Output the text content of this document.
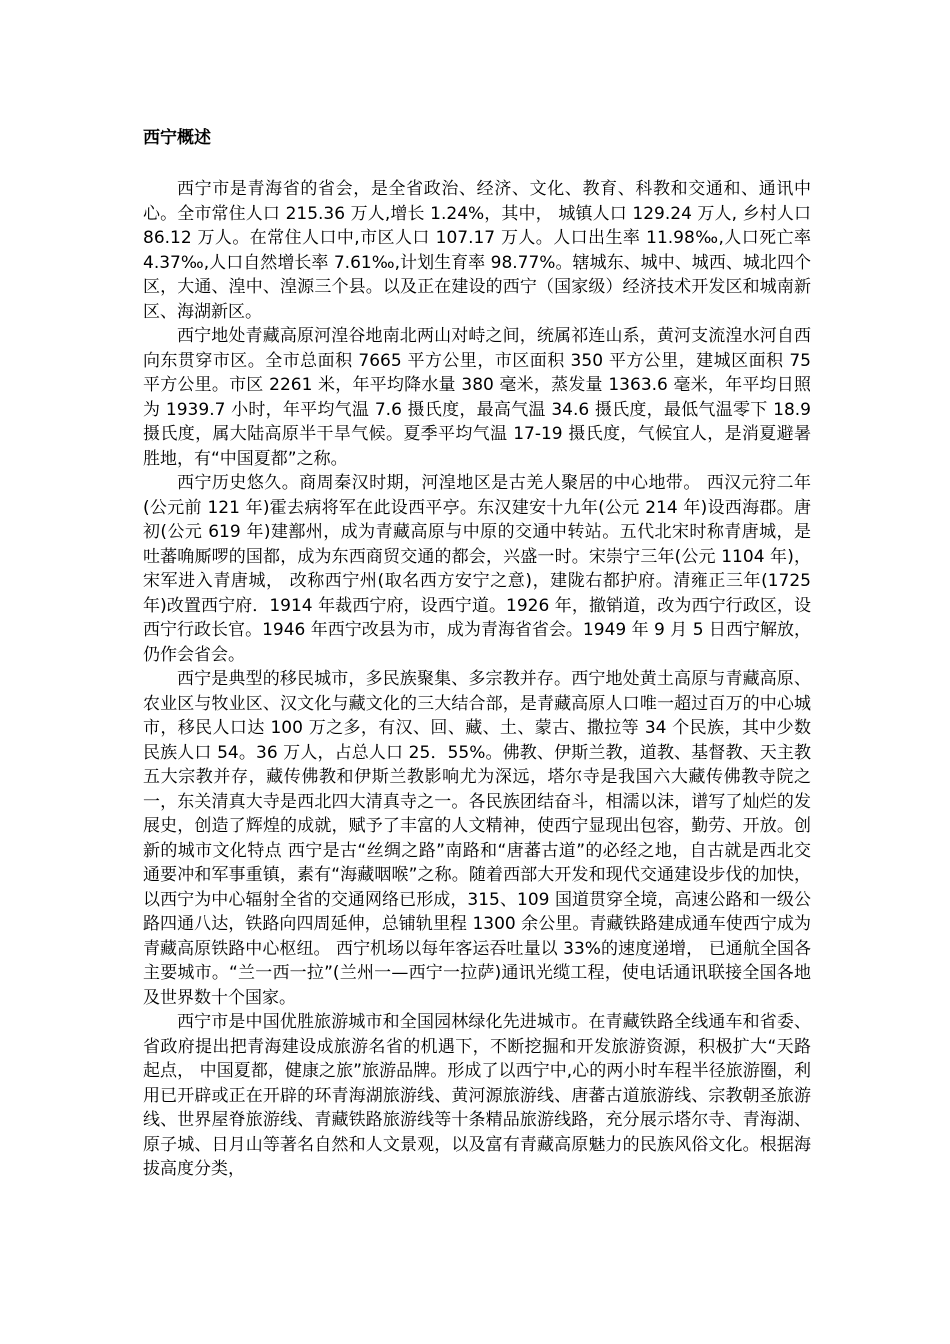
西宁概述

西宁市是青海省的省会，是全省政治、经济、文化、教育、科教和交通和、通讯中心。全市常住人口 215.36 万人,增长 1.24%，其中， 城镇人口 129.24 万人, 乡村人口 86.12 万人。在常住人口中,市区人口 107.17 万人。人口出生率 11.98‰,人口死亡率 4.37‰,人口自然增长率 7.61‰,计划生育率 98.77%。辖城东、城中、城西、城北四个区，大通、湟中、湟源三个县。以及正在建设的西宁（国家级）经济技术开发区和城南新区、海湖新区。

西宁地处青藏高原河湟谷地南北两山对峙之间，统属祁连山系，黄河支流湟水河自西向东贯穿市区。全市总面积 7665 平方公里，市区面积 350 平方公里，建城区面积 75 平方公里。市区 2261 米，年平均降水量 380 毫米，蒸发量 1363.6 毫米，年平均日照为 1939.7 小时，年平均气温 7.6 摄氏度，最高气温 34.6 摄氏度，最低气温零下 18.9 摄氏度，属大陆高原半干旱气候。夏季平均气温 17-19 摄氏度，气候宜人，是消夏避暑胜地，有“中国夏都”之称。

西宁历史悠久。商周秦汉时期，河湟地区是古羌人聚居的中心地带。 西汉元狩二年(公元前 121 年)霍去病将军在此设西平亭。东汉建安十九年(公元 214 年)设西海郡。唐初(公元 619 年)建鄯州，成为青藏高原与中原的交通中转站。五代北宋时称青唐城，是吐蕃唃厮啰的国都，成为东西商贸交通的都会，兴盛一时。宋崇宁三年(公元 1104 年)，宋军进入青唐城， 改称西宁州(取名西方安宁之意)，建陇右都护府。清雍正三年(1725 年)改置西宁府．1914 年裁西宁府，设西宁道。1926 年，撤销道，改为西宁行政区，设西宁行政长官。1946 年西宁改县为市，成为青海省省会。1949 年 9 月 5 日西宁解放，仍作会省会。

西宁是典型的移民城市，多民族聚集、多宗教并存。西宁地处黄土高原与青藏高原、农业区与牧业区、汉文化与藏文化的三大结合部，是青藏高原人口唯一超过百万的中心城市，移民人口达 100 万之多，有汉、回、藏、土、蒙古、撒拉等 34 个民族，其中少数民族人口 54。36 万人，占总人口 25．55%。佛教、伊斯兰教，道教、基督教、天主教五大宗教并存，藏传佛教和伊斯兰教影响尤为深远，塔尔寺是我国六大藏传佛教寺院之一，东关清真大寺是西北四大清真寺之一。各民族团结奋斗，相濡以沫，谱写了灿烂的发展史，创造了辉煌的成就，赋予了丰富的人文精神，使西宁显现出包容，勤劳、开放。创新的城市文化特点 西宁是古“丝绸之路”南路和“唐蕃古道”的必经之地，自古就是西北交通要冲和军事重镇，素有“海藏咽喉”之称。随着西部大开发和现代交通建设步伐的加快， 以西宁为中心辐射全省的交通网络已形成，315、109 国道贯穿全境，高速公路和一级公路四通八达，铁路向四周延伸，总铺轨里程 1300 余公里。青藏铁路建成通车使西宁成为青藏高原铁路中心枢纽。 西宁机场以每年客运吞吐量以 33%的速度递增， 已通航全国各主要城市。“兰一西一拉”(兰州一—西宁一拉萨)通讯光缆工程，使电话通讯联接全国各地及世界数十个国家。

西宁市是中国优胜旅游城市和全国园林绿化先进城市。在青藏铁路全线通车和省委、省政府提出把青海建设成旅游名省的机遇下，不断挖掘和开发旅游资源，积极扩大“天路起点， 中国夏都，健康之旅”旅游品牌。形成了以西宁中,心的两小时车程半径旅游圈，利用已开辟或正在开辟的环青海湖旅游线、黄河源旅游线、唐蕃古道旅游线、宗教朝圣旅游线、世界屋脊旅游线、青藏铁路旅游线等十条精品旅游线路，充分展示塔尔寺、青海湖、原子城、日月山等著名自然和人文景观，以及富有青藏高原魅力的民族风俗文化。根据海拔高度分类，
